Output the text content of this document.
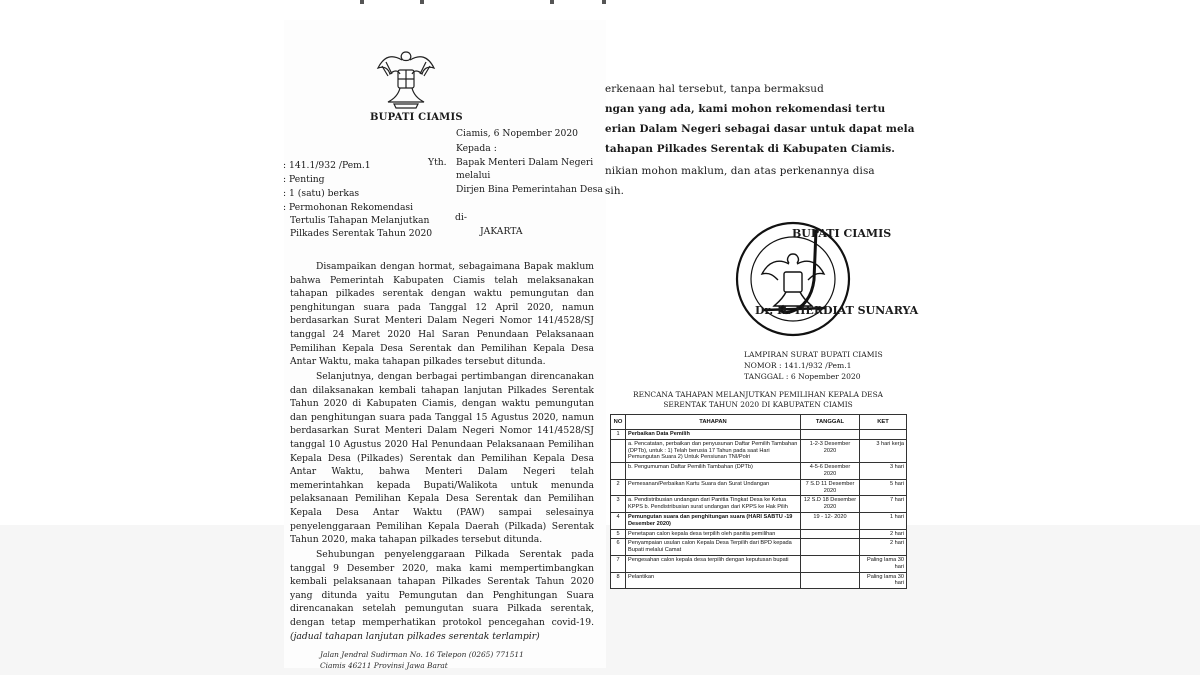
BUPATI CIAMIS
Ciamis, 6 Nopember 2020
Kepada :
Yth. Bapak Menteri Dalam Negeri
melalui
Dirjen Bina Pemerintahan Desa
di-
JAKARTA
: 141.1/932 /Pem.1
: Penting
: 1 (satu) berkas
: Permohonan Rekomendasi
Tertulis Tahapan Melanjutkan
Pilkades Serentak Tahun 2020
Disampaikan dengan hormat, sebagaimana Bapak maklum bahwa Pemerintah Kabupaten Ciamis telah melaksanakan tahapan pilkades serentak dengan waktu pemungutan dan penghitungan suara pada Tanggal 12 April 2020, namun berdasarkan Surat Menteri Dalam Negeri Nomor 141/4528/SJ tanggal 24 Maret 2020 Hal Saran Penundaan Pelaksanaan Pemilihan Kepala Desa Serentak dan Pemilihan Kepala Desa Antar Waktu, maka tahapan pilkades tersebut ditunda.
Selanjutnya, dengan berbagai pertimbangan direncanakan dan dilaksanakan kembali tahapan lanjutan Pilkades Serentak Tahun 2020 di Kabupaten Ciamis, dengan waktu pemungutan dan penghitungan suara pada Tanggal 15 Agustus 2020, namun berdasarkan Surat Menteri Dalam Negeri Nomor 141/4528/SJ tanggal 10 Agustus 2020 Hal Penundaan Pelaksanaan Pemilihan Kepala Desa (Pilkades) Serentak dan Pemilihan Kepala Desa Antar Waktu, bahwa Menteri Dalam Negeri telah memerintahkan kepada Bupati/Walikota untuk menunda pelaksanaan Pemilihan Kepala Desa Serentak dan Pemilihan Kepala Desa Antar Waktu (PAW) sampai selesainya penyelenggaraan Pemilihan Kepala Daerah (Pilkada) Serentak Tahun 2020, maka tahapan pilkades tersebut ditunda.
Sehubungan penyelenggaraan Pilkada Serentak pada tanggal 9 Desember 2020, maka kami mempertimbangkan kembali pelaksanaan tahapan Pilkades Serentak Tahun 2020 yang ditunda yaitu Pemungutan dan Penghitungan Suara direncanakan setelah pemungutan suara Pilkada serentak, dengan tetap memperhatikan protokol pencegahan covid-19. (jadual tahapan lanjutan pilkades serentak terlampir)
Jalan Jendral Sudirman No. 16 Telepon (0265) 771511
Ciamis 46211 Provinsi Jawa Barat
erkenaan hal tersebut, tanpa bermaksud
ngan yang ada, kami mohon rekomendasi tertu
erian Dalam Negeri sebagai dasar untuk dapat mela
tahapan Pilkades Serentak di Kabupaten Ciamis.
nikian mohon maklum, dan atas perkenannya disa
sih.
BUPATI CIAMIS
Dr. H. HERDIAT SUNARYA
LAMPIRAN SURAT BUPATI CIAMIS
NOMOR : 141.1/932 /Pem.1
TANGGAL : 6 Nopember 2020
RENCANA TAHAPAN MELANJUTKAN PEMILIHAN KEPALA DESA
SERENTAK TAHUN 2020 DI KABUPATEN CIAMIS
NO	TAHAPAN	TANGGAL	KET
1	Perbaikan Data Pemilih		
	a. Pencatatan, perbaikan dan penyusunan Daftar Pemilih Tambahan (DPTb), untuk : 1) Telah berusia 17 Tahun pada saat Hari Pemungutan Suara 2) Untuk Pensiunan TNI/Polri	1-2-3 Desember 2020	3 hari kerja
	b. Pengumuman Daftar Pemilih Tambahan (DPTb)	4-5-6 Desember 2020	3 hari
2	Pemesanan/Perbaikan Kartu Suara dan Surat Undangan	7 S.D 11 Desember 2020	5 hari
3	a. Pendistribusian undangan dari Panitia Tingkat Desa ke Ketua KPPS b. Pendistribusian surat undangan dari KPPS ke Hak Pilih	12 S.D 18 Desember 2020	7 hari
4	Pemungutan suara dan penghitungan suara (HARI SABTU -19 Desember 2020)	19 - 12- 2020	1 hari
5	Penetapan calon kepala desa terpilih oleh panitia pemilihan		2 hari
6	Penyampaian usulan calon Kepala Desa Terpilih dari BPD kepada Bupati melalui Camat		2 hari
7	Pengesahan calon kepala desa terpilih dengan keputusan bupati		Paling lama 30 hari
8	Pelantikan		Paling lama 30 hari
